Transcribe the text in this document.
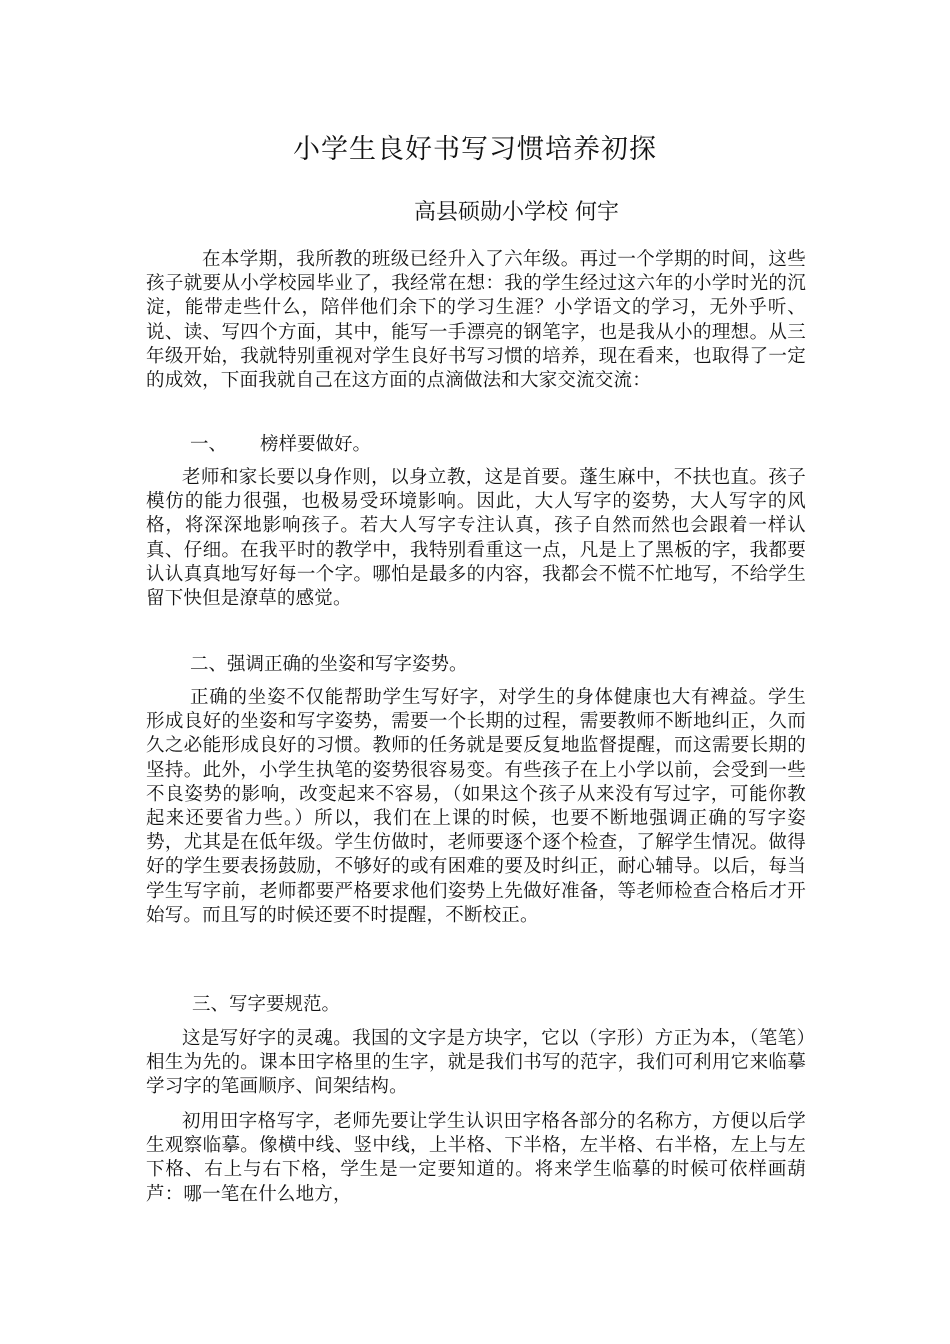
小学生良好书写习惯培养初探
高县硕勋小学校 何宇

在本学期，我所教的班级已经升入了六年级。再过一个学期的时间，这些孩子就要从小学校园毕业了，我经常在想：我的学生经过这六年的小学时光的沉淀，能带走些什么，陪伴他们余下的学习生涯？小学语文的学习，无外乎听、说、读、写四个方面，其中，能写一手漂亮的钢笔字，也是我从小的理想。从三年级开始，我就特别重视对学生良好书写习惯的培养，现在看来，也取得了一定的成效，下面我就自己在这方面的点滴做法和大家交流交流：

一、 榜样要做好。

老师和家长要以身作则，以身立教，这是首要。蓬生麻中，不扶也直。孩子模仿的能力很强，也极易受环境影响。因此，大人写字的姿势，大人写字的风格，将深深地影响孩子。若大人写字专注认真，孩子自然而然也会跟着一样认真、仔细。在我平时的教学中，我特别看重这一点，凡是上了黑板的字，我都要认认真真地写好每一个字。哪怕是最多的内容，我都会不慌不忙地写，不给学生留下快但是潦草的感觉。

二、强调正确的坐姿和写字姿势。

正确的坐姿不仅能帮助学生写好字，对学生的身体健康也大有裨益。学生形成良好的坐姿和写字姿势，需要一个长期的过程，需要教师不断地纠正，久而久之必能形成良好的习惯。教师的任务就是要反复地监督提醒，而这需要长期的坚持。此外，小学生执笔的姿势很容易变。有些孩子在上小学以前，会受到一些不良姿势的影响，改变起来不容易，（如果这个孩子从来没有写过字，可能你教起来还要省力些。）所以，我们在上课的时候，也要不断地强调正确的写字姿势，尤其是在低年级。学生仿做时，老师要逐个逐个检查，了解学生情况。做得好的学生要表扬鼓励，不够好的或有困难的要及时纠正，耐心辅导。以后，每当学生写字前，老师都要严格要求他们姿势上先做好准备，等老师检查合格后才开始写。而且写的时候还要不时提醒，不断校正。

三、写字要规范。

这是写好字的灵魂。我国的文字是方块字，它以（字形）方正为本，（笔笔）相生为先的。课本田字格里的生字，就是我们书写的范字，我们可利用它来临摹学习字的笔画顺序、间架结构。

初用田字格写字，老师先要让学生认识田字格各部分的名称方，方便以后学生观察临摹。像横中线、竖中线，上半格、下半格，左半格、右半格，左上与左下格、右上与右下格，学生是一定要知道的。将来学生临摹的时候可依样画葫芦：哪一笔在什么地方，
